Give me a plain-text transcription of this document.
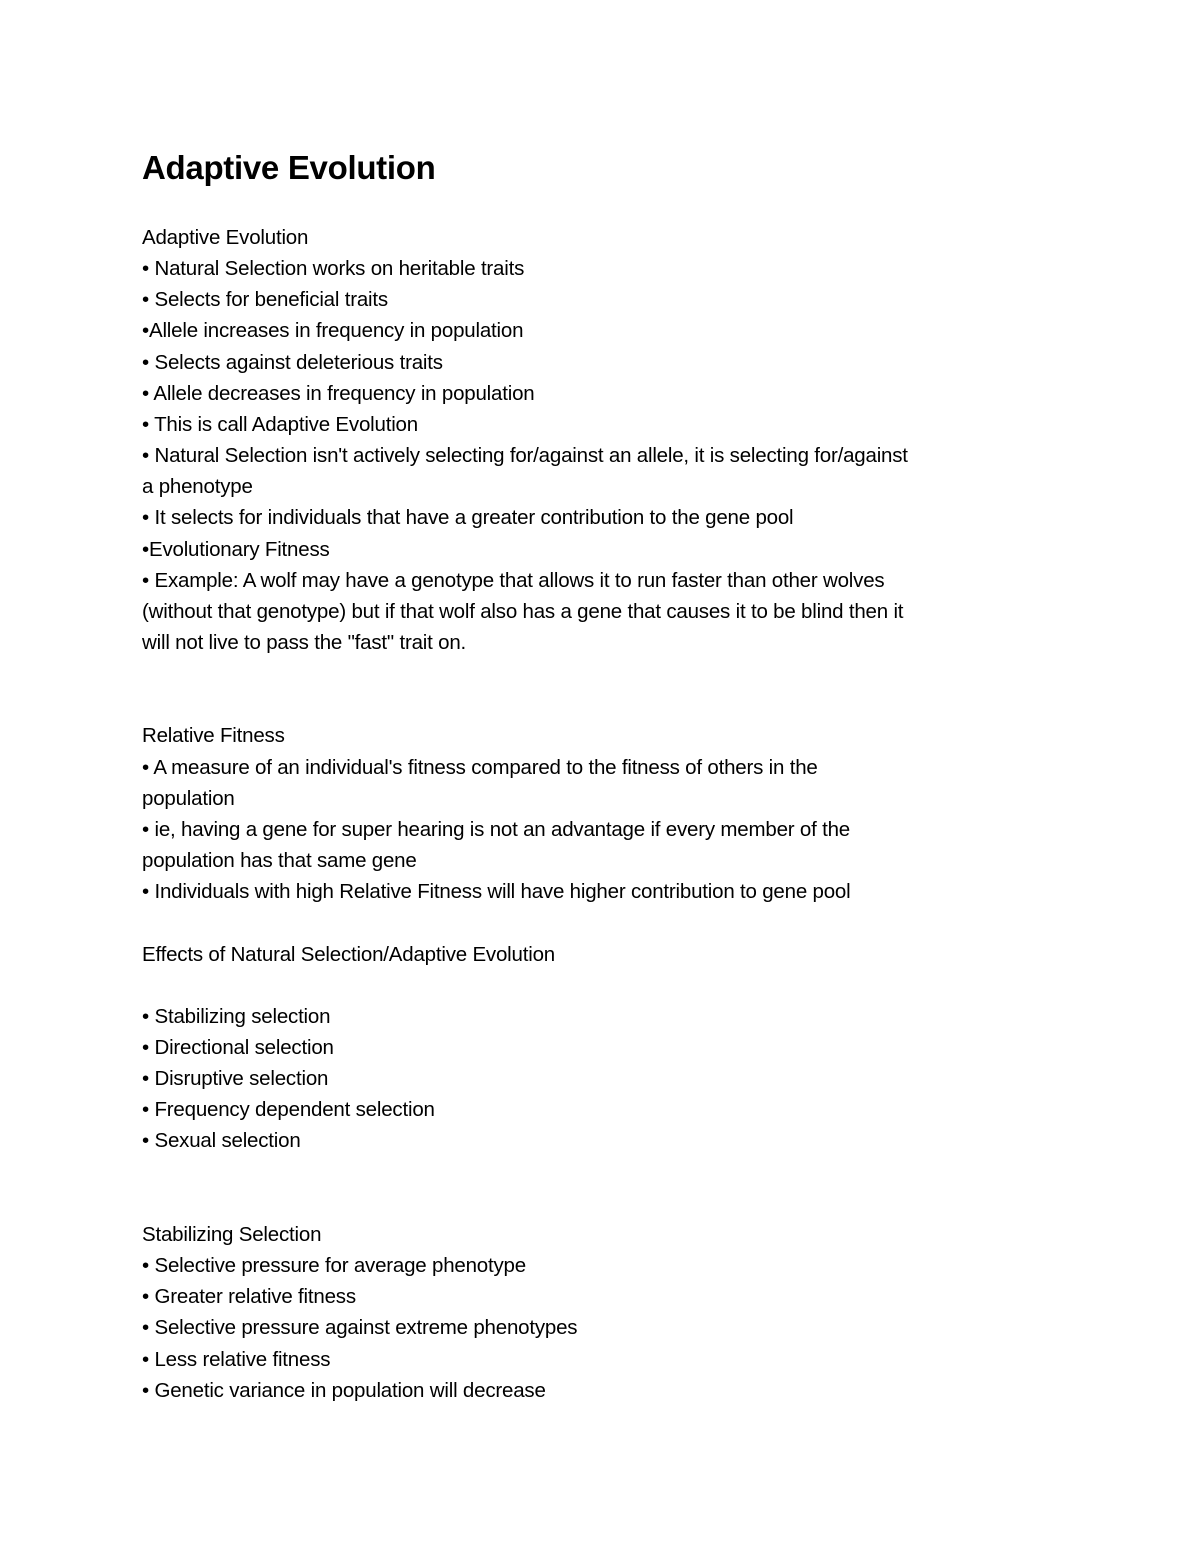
Adaptive Evolution
Adaptive Evolution
• Natural Selection works on heritable traits
• Selects for beneficial traits
•Allele increases in frequency in population
• Selects against deleterious traits
• Allele decreases in frequency in population
• This is call Adaptive Evolution
• Natural Selection isn't actively selecting for/against an allele, it is selecting for/against
a phenotype
• It selects for individuals that have a greater contribution to the gene pool
•Evolutionary Fitness
• Example: A wolf may have a genotype that allows it to run faster than other wolves
(without that genotype) but if that wolf also has a gene that causes it to be blind then it
will not live to pass the "fast" trait on.
Relative Fitness
• A measure of an individual's fitness compared to the fitness of others in the
population
• ie, having a gene for super hearing is not an advantage if every member of the
population has that same gene
• Individuals with high Relative Fitness will have higher contribution to gene pool
Effects of Natural Selection/Adaptive Evolution
• Stabilizing selection
• Directional selection
• Disruptive selection
• Frequency dependent selection
• Sexual selection
Stabilizing Selection
• Selective pressure for average phenotype
• Greater relative fitness
• Selective pressure against extreme phenotypes
• Less relative fitness
• Genetic variance in population will decrease
